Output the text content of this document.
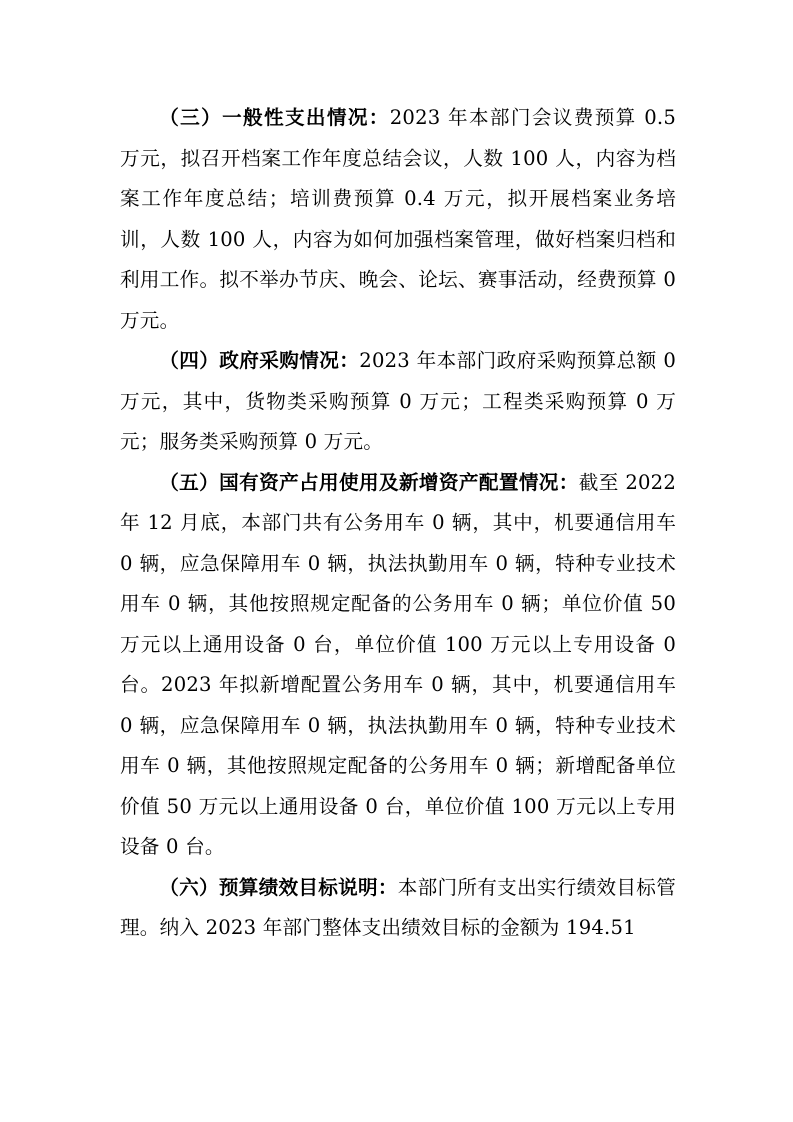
（三）一般性支出情况：2023 年本部门会议费预算 0.5 万元，拟召开档案工作年度总结会议，人数 100 人，内容为档案工作年度总结；培训费预算 0.4 万元，拟开展档案业务培训，人数 100 人，内容为如何加强档案管理，做好档案归档和利用工作。拟不举办节庆、晚会、论坛、赛事活动，经费预算 0 万元。

（四）政府采购情况：2023 年本部门政府采购预算总额 0 万元，其中，货物类采购预算 0 万元；工程类采购预算 0 万元；服务类采购预算 0 万元。

（五）国有资产占用使用及新增资产配置情况：截至 2022 年 12 月底，本部门共有公务用车 0 辆，其中，机要通信用车 0 辆，应急保障用车 0 辆，执法执勤用车 0 辆，特种专业技术用车 0 辆，其他按照规定配备的公务用车 0 辆；单位价值 50 万元以上通用设备 0 台，单位价值 100 万元以上专用设备 0 台。2023 年拟新增配置公务用车 0 辆，其中，机要通信用车 0 辆，应急保障用车 0 辆，执法执勤用车 0 辆，特种专业技术用车 0 辆，其他按照规定配备的公务用车 0 辆；新增配备单位价值 50 万元以上通用设备 0 台，单位价值 100 万元以上专用设备 0 台。

（六）预算绩效目标说明：本部门所有支出实行绩效目标管理。纳入 2023 年部门整体支出绩效目标的金额为 194.51
